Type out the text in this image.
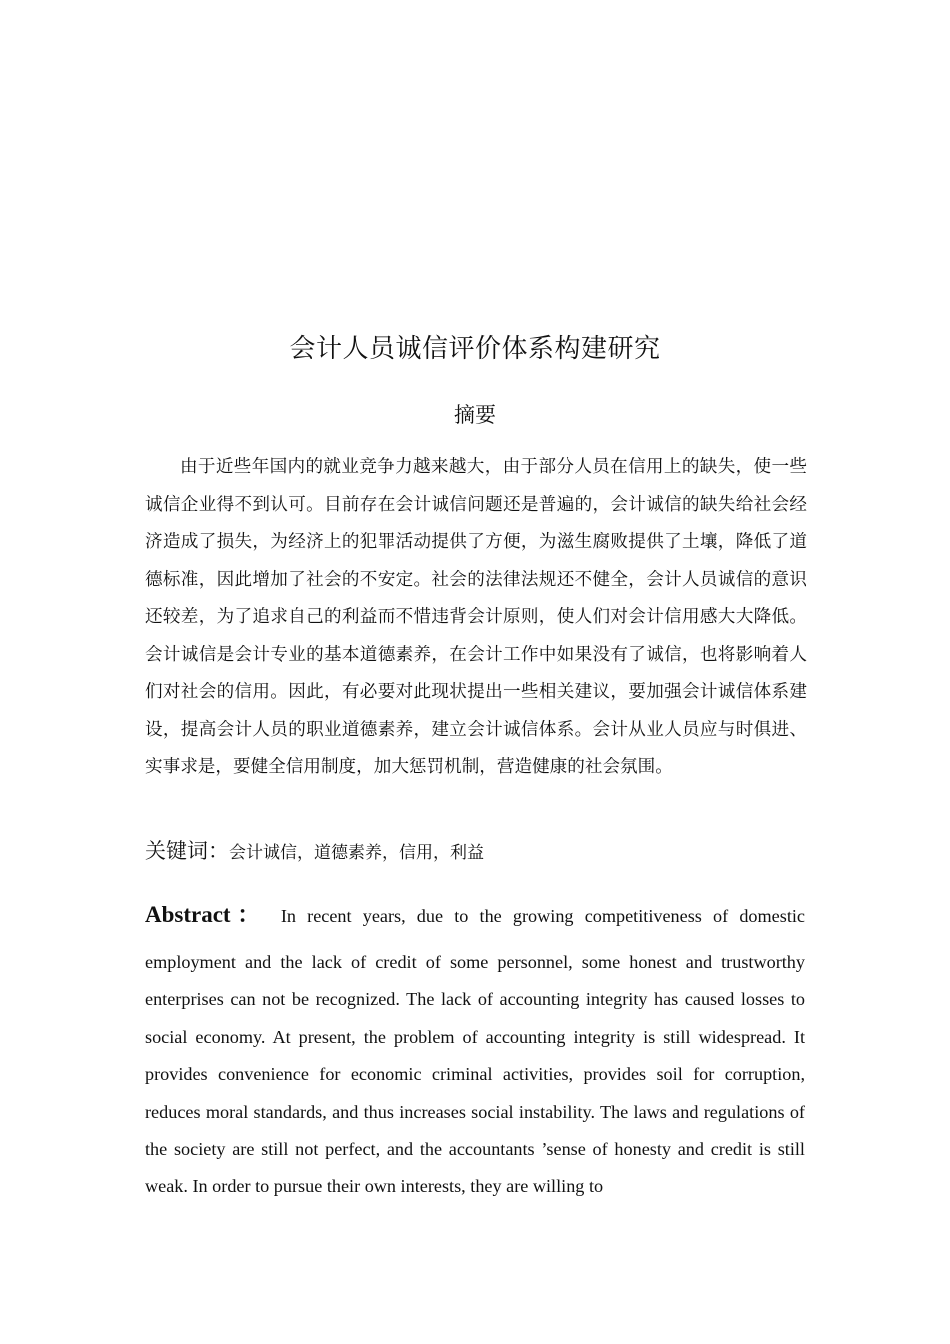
会计人员诚信评价体系构建研究
摘要

由于近些年国内的就业竞争力越来越大，由于部分人员在信用上的缺失，使一些诚信企业得不到认可。目前存在会计诚信问题还是普遍的，会计诚信的缺失给社会经济造成了损失，为经济上的犯罪活动提供了方便，为滋生腐败提供了土壤，降低了道德标准，因此增加了社会的不安定。社会的法律法规还不健全，会计人员诚信的意识还较差，为了追求自己的利益而不惜违背会计原则，使人们对会计信用感大大降低。会计诚信是会计专业的基本道德素养，在会计工作中如果没有了诚信，也将影响着人们对社会的信用。因此，有必要对此现状提出一些相关建议，要加强会计诚信体系建设，提高会计人员的职业道德素养，建立会计诚信体系。会计从业人员应与时俱进、实事求是，要健全信用制度，加大惩罚机制，营造健康的社会氛围。

关键词：会计诚信，道德素养，信用，利益

Abstract： In recent years, due to the growing competitiveness of domestic
employment and the lack of credit of some personnel, some honest and trustworthy enterprises can not be recognized. The lack of accounting integrity has caused losses to social economy. At present, the problem of accounting integrity is still widespread. It provides convenience for economic criminal activities, provides soil for corruption, reduces moral standards, and thus increases social instability. The laws and regulations of the society are still not perfect, and the accountants ’sense of honesty and credit is still weak. In order to pursue their own interests, they are willing to
